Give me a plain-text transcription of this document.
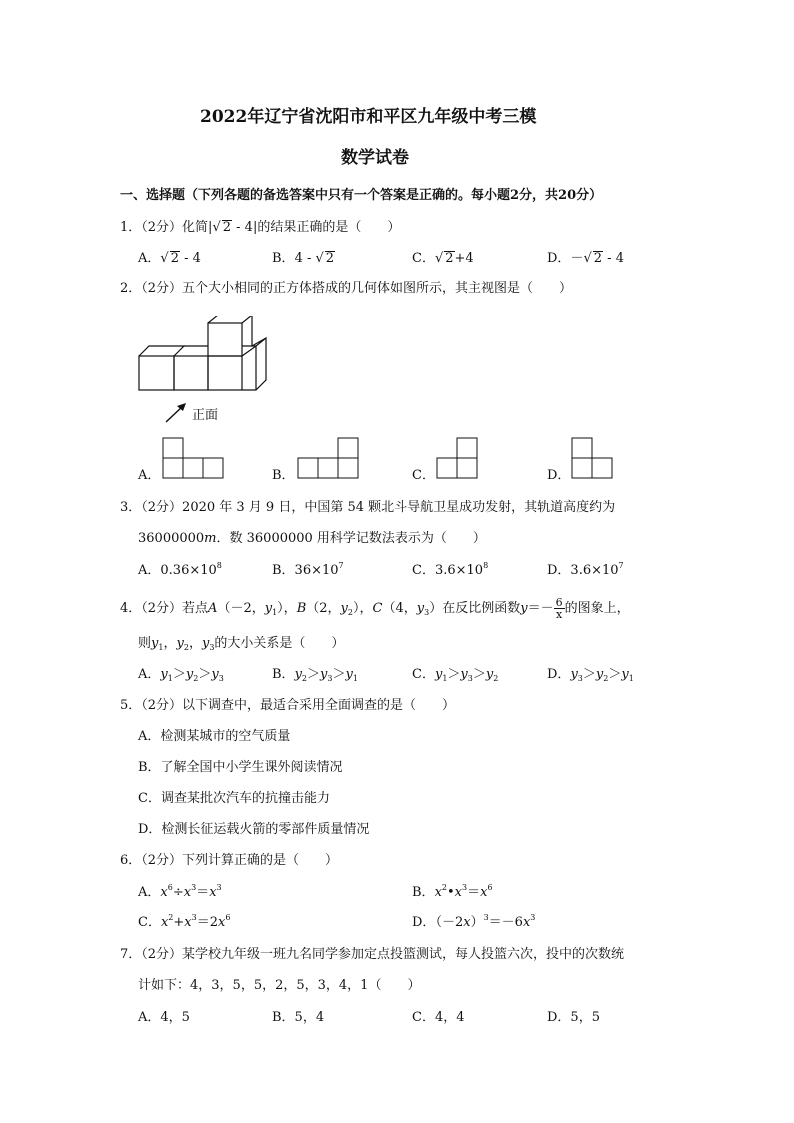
2022年辽宁省沈阳市和平区九年级中考三模
数学试卷
一、选择题（下列各题的备选答案中只有一个答案是正确的。每小题2分，共20分）
1．（2分）化简|√ 2 - 4|的结果正确的是（　　）
A．√ 2 - 4	B．4 - √ 2	C．√ 2+4	D．－√ 2 - 4
2．（2分）五个大小相同的正方体搭成的几何体如图所示，其主视图是（　　）
正面
A．	B．	C．	D．
3．（2分）2020 年 3 月 9 日，中国第 54 颗北斗导航卫星成功发射，其轨道高度约为
36000000m．数 36000000 用科学记数法表示为（　　）
A．$0.36\times 10^8$	B．$36\times 10^7$	C．$3.6\times 10^8$	D．$3.6\times 10^7$
4．（2分）若点A（－2，$y_1$），B（2，$y_2$），C（4，$y_3$）在反比例函数$y=- \frac{6}{x}$ 的图象上，
则$y_1$，$y_2$，$y_3$的大小关系是（　　）
A．$y_1>y_2>y_3$	B．$y_2>y_3>y_1$	C．$y_1>y_3>y_2$	D．$y_3>y_2>y_1$
5．（2分）以下调查中，最适合采用全面调查的是（　　）
A．检测某城市的空气质量
B．了解全国中小学生课外阅读情况
C．调查某批次汽车的抗撞击能力
D．检测长征运载火箭的零部件质量情况
6．（2分）下列计算正确的是（　　）
A．$x^6\div x^3=x^3$	B．$x^2•x^3=x^6$
C．$x^2+x^3=2x^6$	D．$(-2x)^3=-6x^3$
7．（2分）某学校九年级一班九名同学参加定点投篮测试，每人投篮六次，投中的次数统
计如下：4，3，5，5，2，5，3，4，1（　　）
A．4，5	B．5，4	C．4，4	D．5，5
